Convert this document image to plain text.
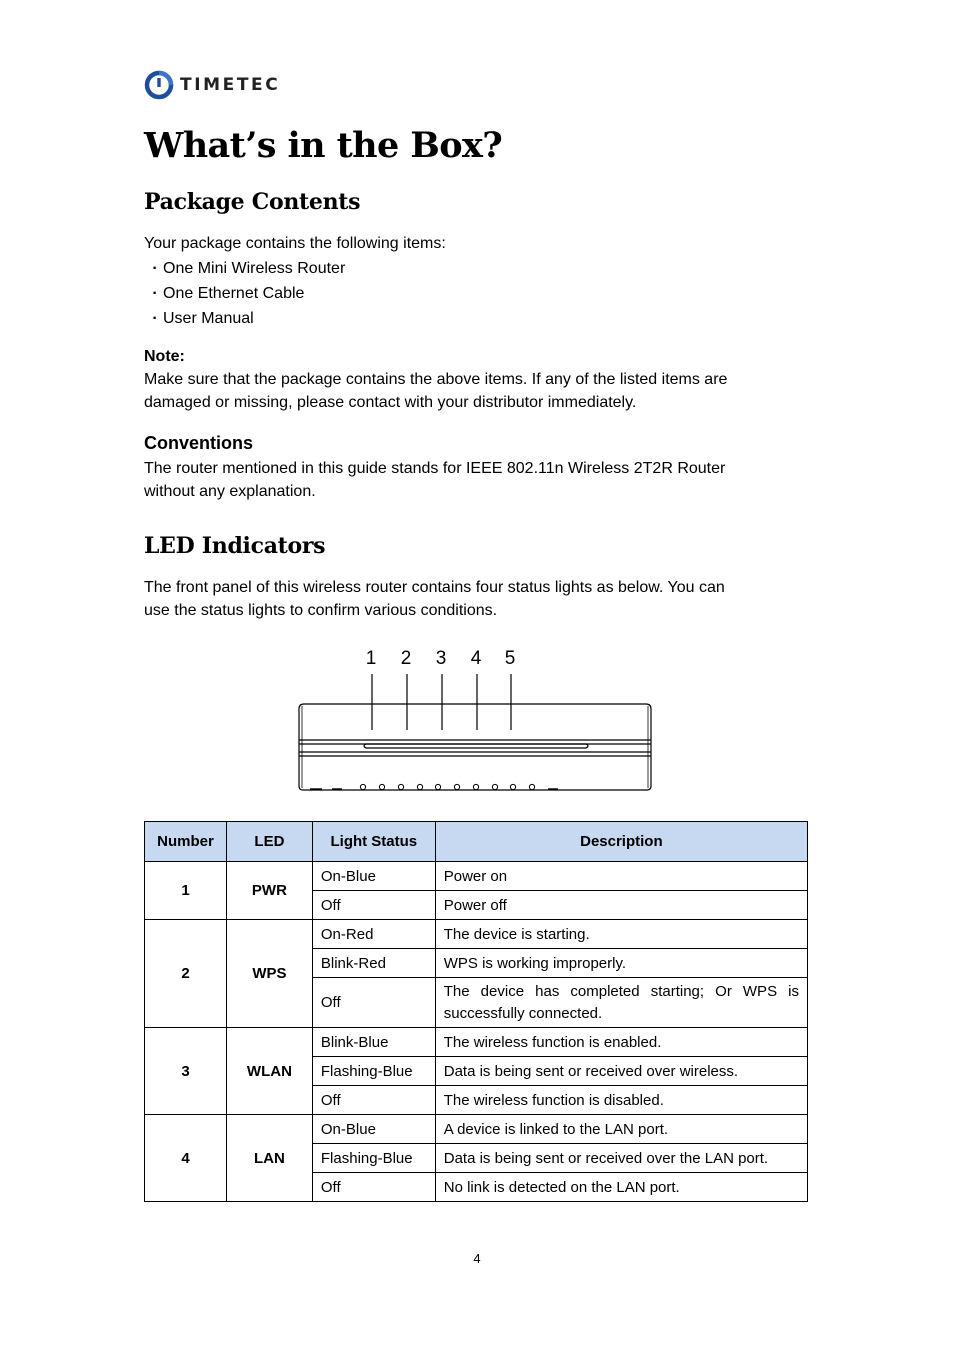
TIMETEC
What’s in the Box?
Package Contents

Your package contains the following items:

· One Mini Wireless Router
· One Ethernet Cable
· User Manual

Note:

Make sure that the package contains the above items. If any of the listed items are
damaged or missing, please contact with your distributor immediately.

Conventions

The router mentioned in this guide stands for IEEE 802.11n Wireless 2T2R Router
without any explanation.
LED Indicators
The front panel of this wireless router contains four status lights as below. You can
use the status lights to confirm various conditions.
1 2 3 4 5
Number	LED	Light Status	Description
1	PWR	On-Blue	Power on
		Off	Power off
2	WPS	On-Red	The device is starting.
		Blink-Red	WPS is working improperly.
		Off	The device has completed starting; Or WPS is successfully connected.
3	WLAN	Blink-Blue	The wireless function is enabled.
		Flashing-Blue	Data is being sent or received over wireless.
		Off	The wireless function is disabled.
4	LAN	On-Blue	A device is linked to the LAN port.
		Flashing-Blue	Data is being sent or received over the LAN port.
		Off	No link is detected on the LAN port.
4
